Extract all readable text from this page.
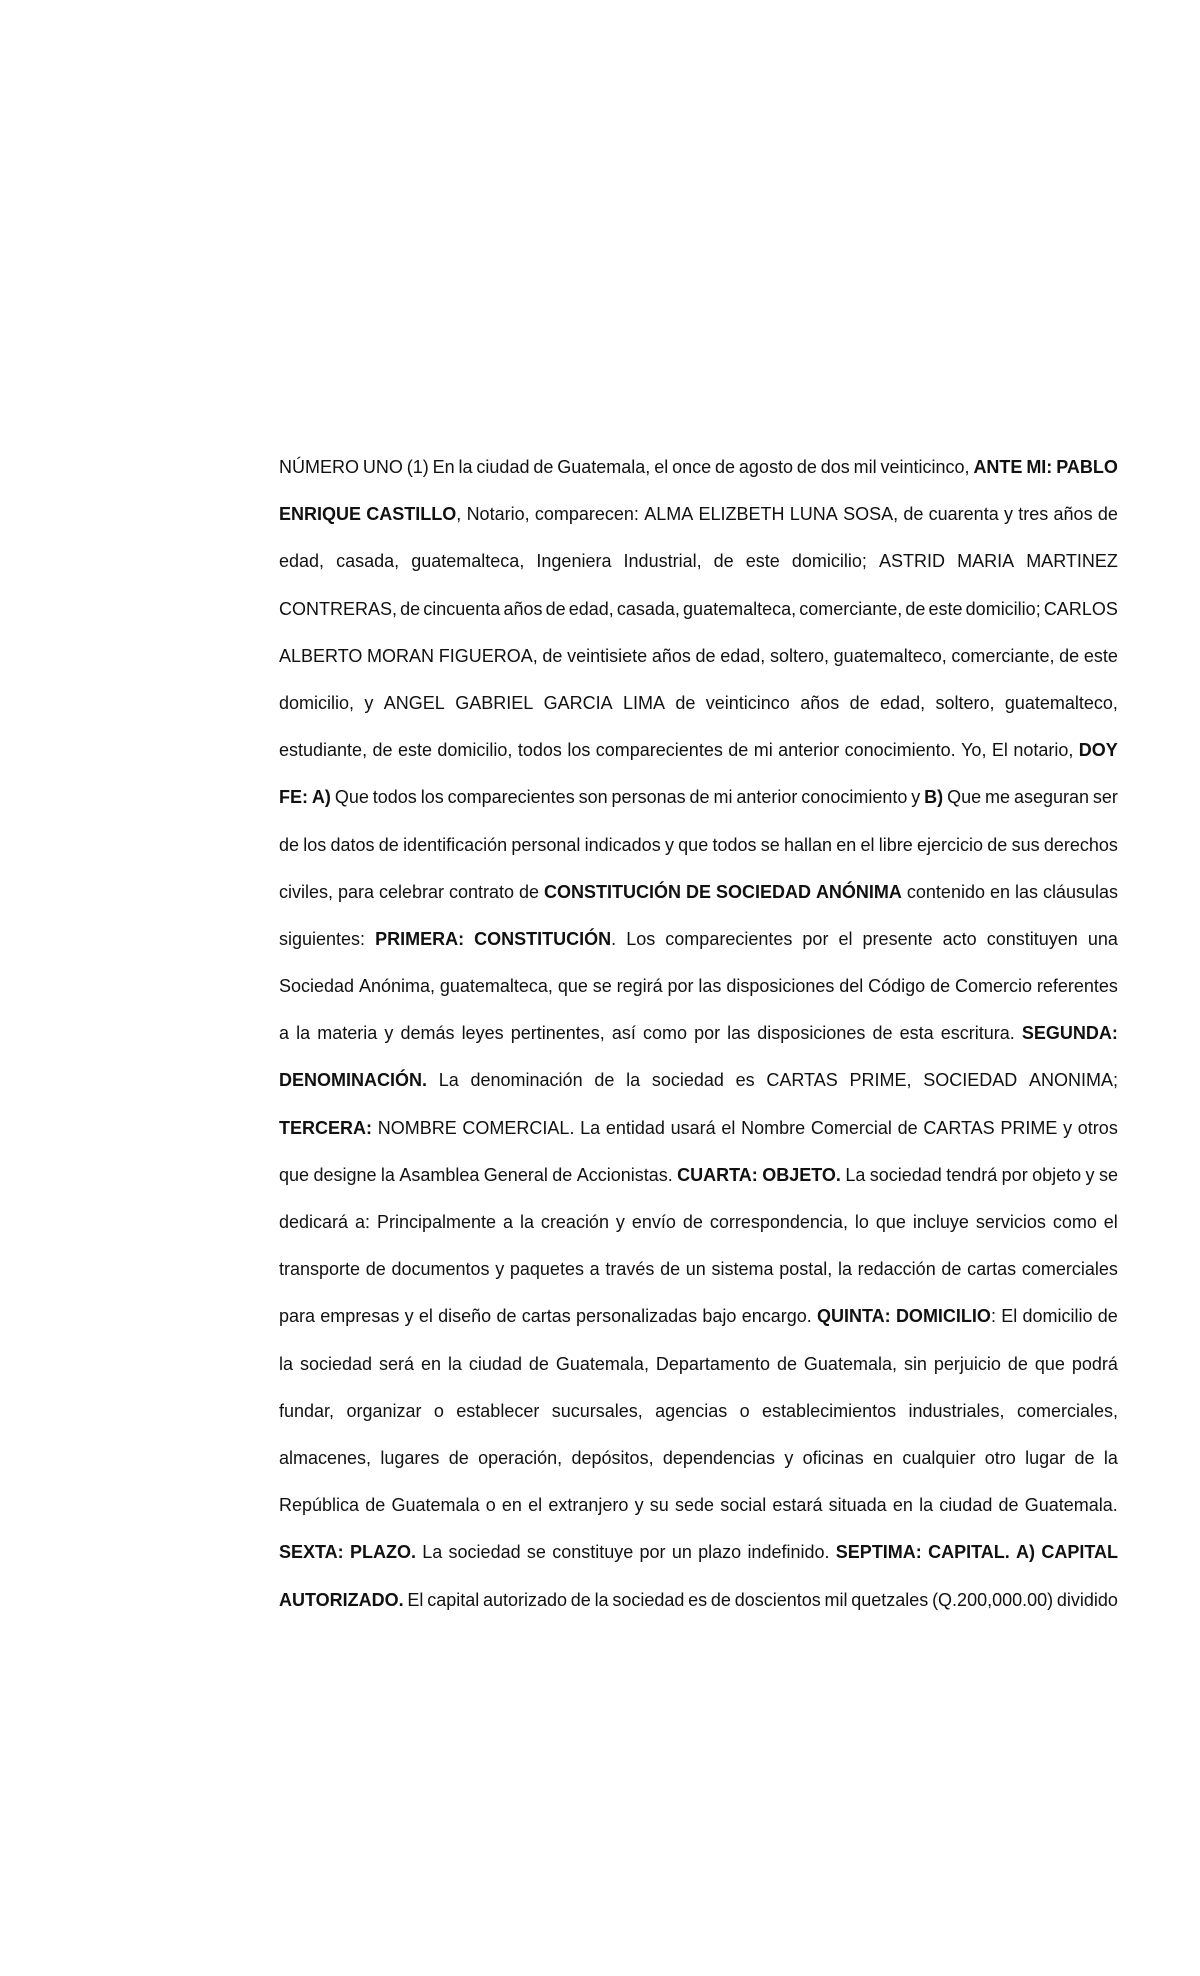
NÚMERO UNO (1) En la ciudad de Guatemala, el once de agosto de dos mil veinticinco, ANTE MI: PABLO
ENRIQUE CASTILLO, Notario, comparecen: ALMA ELIZBETH LUNA SOSA, de cuarenta y tres años de
edad, casada, guatemalteca, Ingeniera Industrial, de este domicilio; ASTRID MARIA MARTINEZ
CONTRERAS, de cincuenta años de edad, casada, guatemalteca, comerciante, de este domicilio; CARLOS
ALBERTO MORAN FIGUEROA, de veintisiete años de edad, soltero, guatemalteco, comerciante, de este
domicilio, y ANGEL GABRIEL GARCIA LIMA de veinticinco años de edad, soltero, guatemalteco,
estudiante, de este domicilio, todos los comparecientes de mi anterior conocimiento. Yo, El notario, DOY
FE: A) Que todos los comparecientes son personas de mi anterior conocimiento y B) Que me aseguran ser
de los datos de identificación personal indicados y que todos se hallan en el libre ejercicio de sus derechos
civiles, para celebrar contrato de CONSTITUCIÓN DE SOCIEDAD ANÓNIMA contenido en las cláusulas
siguientes: PRIMERA: CONSTITUCIÓN. Los comparecientes por el presente acto constituyen una
Sociedad Anónima, guatemalteca, que se regirá por las disposiciones del Código de Comercio referentes
a la materia y demás leyes pertinentes, así como por las disposiciones de esta escritura. SEGUNDA:
DENOMINACIÓN. La denominación de la sociedad es CARTAS PRIME, SOCIEDAD ANONIMA;
TERCERA: NOMBRE COMERCIAL. La entidad usará el Nombre Comercial de CARTAS PRIME y otros
que designe la Asamblea General de Accionistas. CUARTA: OBJETO. La sociedad tendrá por objeto y se
dedicará a: Principalmente a la creación y envío de correspondencia, lo que incluye servicios como el
transporte de documentos y paquetes a través de un sistema postal, la redacción de cartas comerciales
para empresas y el diseño de cartas personalizadas bajo encargo. QUINTA: DOMICILIO: El domicilio de
la sociedad será en la ciudad de Guatemala, Departamento de Guatemala, sin perjuicio de que podrá
fundar, organizar o establecer sucursales, agencias o establecimientos industriales, comerciales,
almacenes, lugares de operación, depósitos, dependencias y oficinas en cualquier otro lugar de la
República de Guatemala o en el extranjero y su sede social estará situada en la ciudad de Guatemala.
SEXTA: PLAZO. La sociedad se constituye por un plazo indefinido. SEPTIMA: CAPITAL. A) CAPITAL
AUTORIZADO. El capital autorizado de la sociedad es de doscientos mil quetzales (Q.200,000.00) dividido
